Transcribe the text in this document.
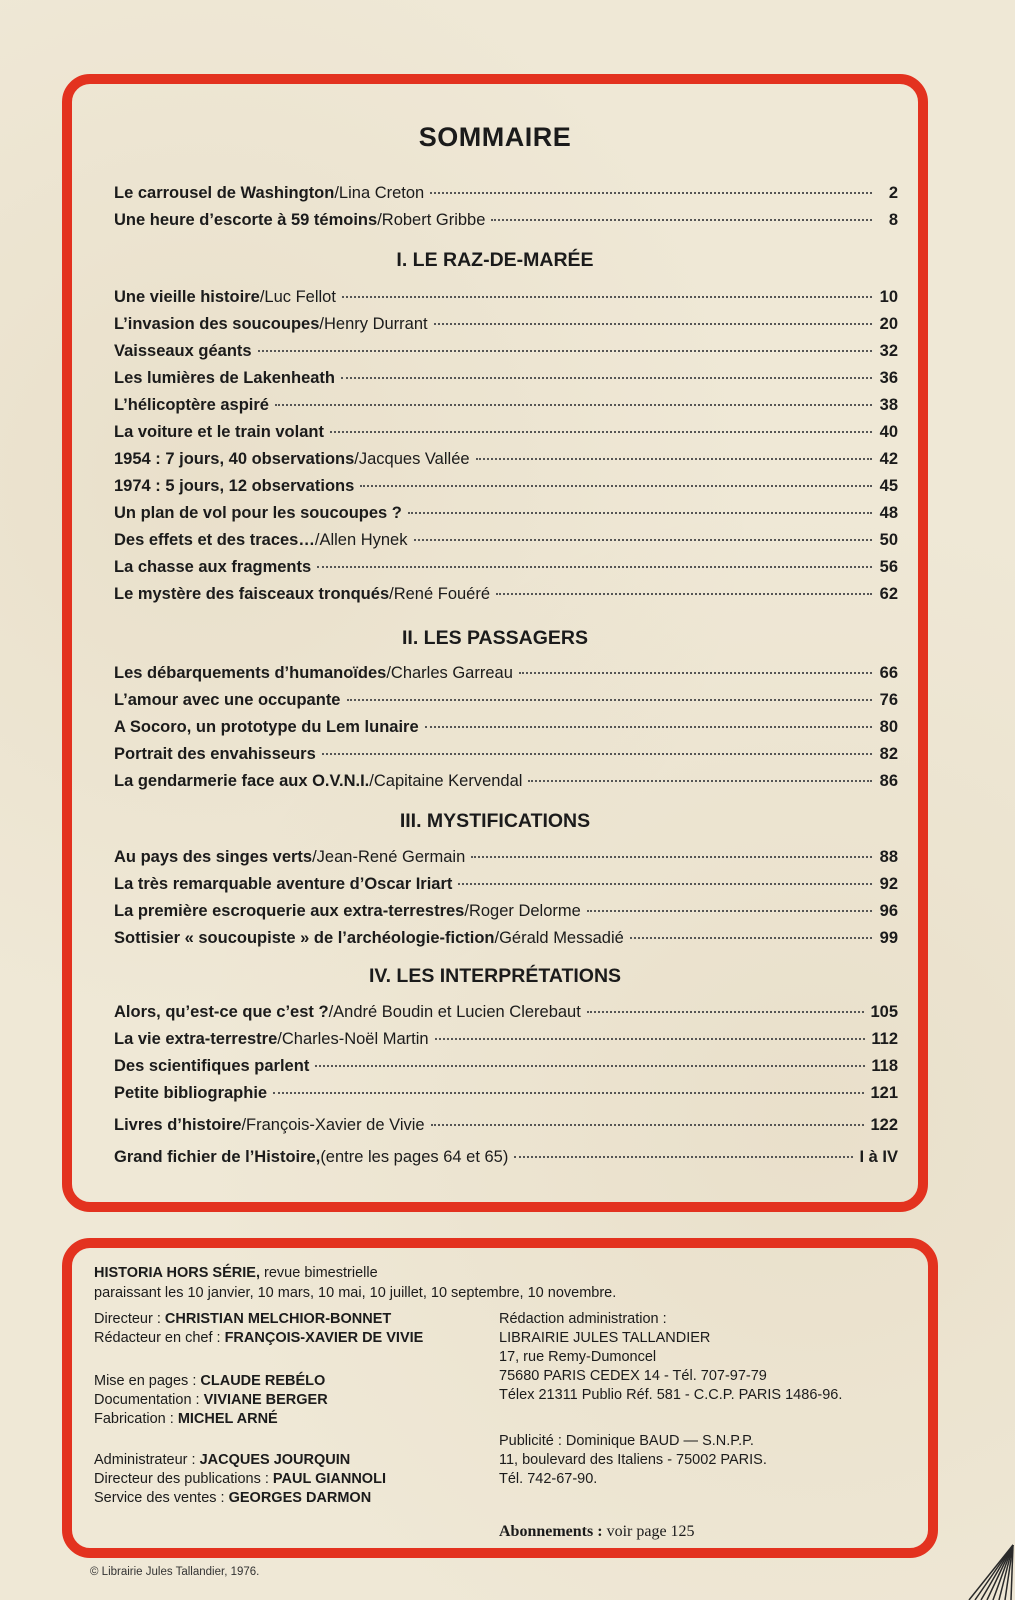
SOMMAIRE
Le carrousel de Washington /Lina Creton	2
Une heure d’escorte à 59 témoins /Robert Gribbe	8
I. LE RAZ-DE-MARÉE
Une vieille histoire /Luc Fellot	10
L’invasion des soucoupes /Henry Durrant	20
Vaisseaux géants	32
Les lumières de Lakenheath	36
L’hélicoptère aspiré	38
La voiture et le train volant	40
1954 : 7 jours, 40 observations /Jacques Vallée	42
1974 : 5 jours, 12 observations	45
Un plan de vol pour les soucoupes ?	48
Des effets et des traces… /Allen Hynek	50
La chasse aux fragments	56
Le mystère des faisceaux tronqués /René Fouéré	62
II. LES PASSAGERS
Les débarquements d’humanoïdes /Charles Garreau	66
L’amour avec une occupante	76
A Socoro, un prototype du Lem lunaire	80
Portrait des envahisseurs	82
La gendarmerie face aux O.V.N.I. /Capitaine Kervendal	86
III. MYSTIFICATIONS
Au pays des singes verts /Jean-René Germain	88
La très remarquable aventure d’Oscar Iriart	92
La première escroquerie aux extra-terrestres /Roger Delorme	96
Sottisier « soucoupiste » de l’archéologie-fiction /Gérald Messadié	99
IV. LES INTERPRÉTATIONS
Alors, qu’est-ce que c’est ? /André Boudin et Lucien Clerebaut	105
La vie extra-terrestre /Charles-Noël Martin	112
Des scientifiques parlent	118
Petite bibliographie	121
Livres d’histoire /François-Xavier de Vivie	122
Grand fichier de l’Histoire, (entre les pages 64 et 65)	I à IV
HISTORIA HORS SÉRIE, revue bimestrielle
paraissant les 10 janvier, 10 mars, 10 mai, 10 juillet, 10 septembre, 10 novembre.
Abonnements : voir page 125
Directeur : CHRISTIAN MELCHIOR-BONNET
Rédacteur en chef : FRANÇOIS-XAVIER DE VIVIE
Mise en pages : CLAUDE REBÉLO
Documentation : VIVIANE BERGER
Fabrication : MICHEL ARNÉ
Administrateur : JACQUES JOURQUIN
Directeur des publications : PAUL GIANNOLI
Service des ventes : GEORGES DARMON
Rédaction administration :
LIBRAIRIE JULES TALLANDIER
17, rue Remy-Dumoncel
75680 PARIS CEDEX 14 - Tél. 707-97-79
Télex 21311 Publio Réf. 581 - C.C.P. PARIS 1486-96.
Publicité : Dominique BAUD — S.N.P.P.
11, boulevard des Italiens - 75002 PARIS.
Tél. 742-67-90.
© Librairie Jules Tallandier, 1976.
